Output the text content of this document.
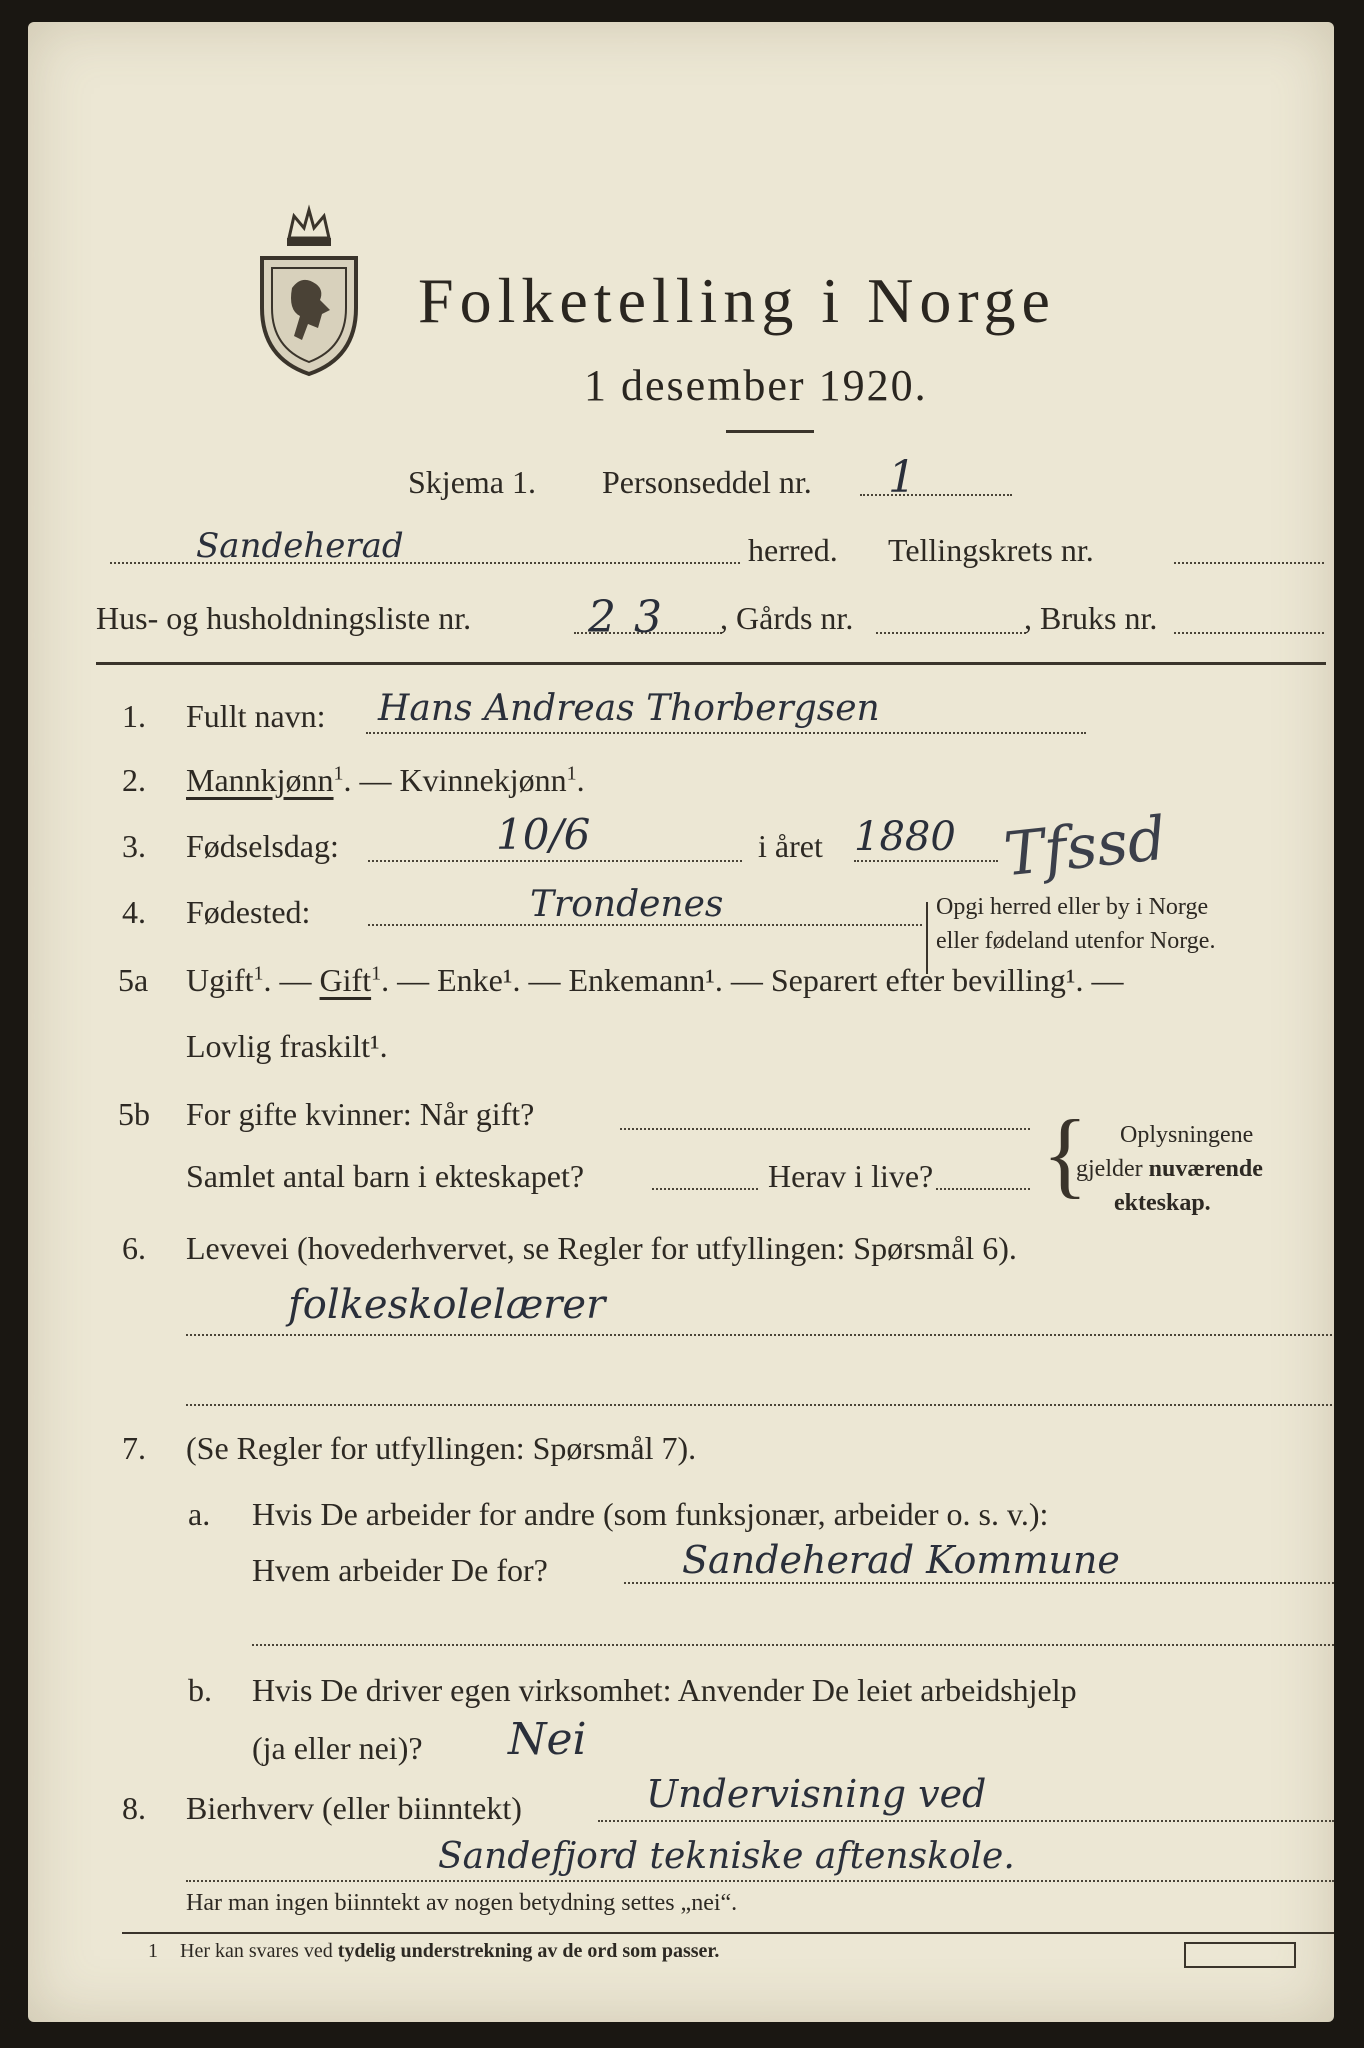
Folketelling i Norge
1 desember 1920.
Skjema 1. Personseddel nr. 1
Sandeherad	herred. Tellingskrets nr.
Hus- og husholdningsliste nr.	23 , Gårds nr.	, Bruks nr.
1. Fullt navn: Hans Andreas Thorbergsen
2. Mannkjønn$^1$. — Kvinnekjønn$^1$.
3. Fødselsdag:	10/6	i året 1880 Tfssd
4. Fødested:	Trondenes	Opgi herred eller by i Norge
eller fødeland utenfor Norge.
5a Ugift$^1$. — Gift$^1$. — Enke¹. — Enkemann¹. — Separert efter bevilling¹. —
Lovlig fraskilt¹.
5b For gifte kvinner: Når gift?
Samlet antal barn i ekteskapet?	Herav i live? { Oplysningene
gjelder nuværende
ekteskap.
6. Levevei (hovederhvervet, se Regler for utfyllingen: Spørsmål 6).
folkeskolelærer
7. (Se Regler for utfyllingen: Spørsmål 7).
a. Hvis De arbeider for andre (som funksjonær, arbeider o. s. v.):
Hvem arbeider De for?	Sandeherad Kommune
b. Hvis De driver egen virksomhet: Anvender De leiet arbeidshjelp
(ja eller nei)? Nei
8. Bierhverv (eller biinntekt)	Undervisning ved
Sandefjord tekniske aftenskole.
Har man ingen biinntekt av nogen betydning settes „nei“.
1 Her kan svares ved tydelig understrekning av de ord som passer.
